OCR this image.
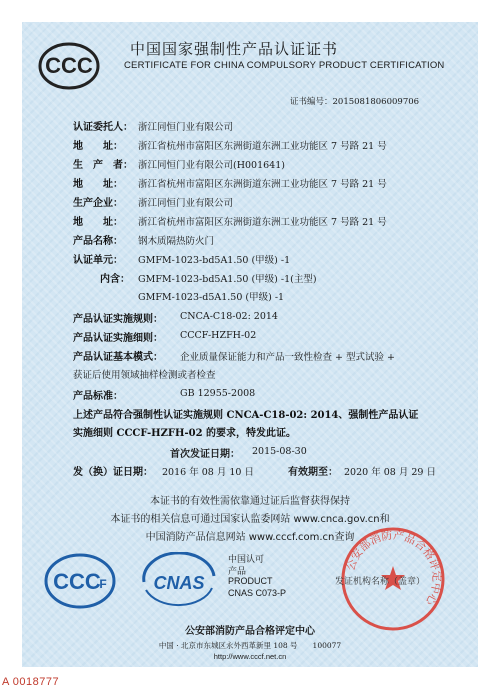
CCC
中国国家强制性产品认证证书
CERTIFICATE FOR CHINA COMPULSORY PRODUCT CERTIFICATION
证书编号：2015081806009706
认证委托人： 浙江同恒门业有限公司
地　　址： 浙江省杭州市富阳区东洲街道东洲工业功能区 7 号路 21 号
生　产　者： 浙江同恒门业有限公司(H001641)
地　　址： 浙江省杭州市富阳区东洲街道东洲工业功能区 7 号路 21 号
生产企业： 浙江同恒门业有限公司
地　　址： 浙江省杭州市富阳区东洲街道东洲工业功能区 7 号路 21 号
产品名称： 钢木质隔热防火门
认证单元： GMFM-1023-bd5A1.50 (甲级) -1
内含： GMFM-1023-bd5A1.50 (甲级) -1(主型)
GMFM-1023-d5A1.50 (甲级) -1
产品认证实施规则： CNCA-C18-02: 2014
产品认证实施细则： CCCF-HZFH-02
产品认证基本模式： 企业质量保证能力和产品一致性检查 + 型式试验 +
获证后使用领域抽样检测或者检查
产品标准：	GB 12955-2008
上述产品符合强制性认证实施规则 CNCA-C18-02: 2014、强制性产品认证
实施细则 CCCF-HZFH-02 的要求，特发此证。
首次发证日期： 2015-08-30
发（换）证日期： 2016 年 08 月 10 日	有效期至： 2020 年 08 月 29 日
本证书的有效性需依靠通过证后监督获得保持
本证书的相关信息可通过国家认监委网站 www.cnca.gov.cn和
中国消防产品信息网站 www.cccf.com.cn查询
CCC
F	CNAS
中国认可
产品
PRODUCT
CNAS C073-P
公安部消防产品合格评定中心
发证机构名称（盖章）
公安部消防产品合格评定中心
中国 · 北京市东城区永外西革新里 108 号　　100077
http://www.cccf.net.cn
A 0018777
